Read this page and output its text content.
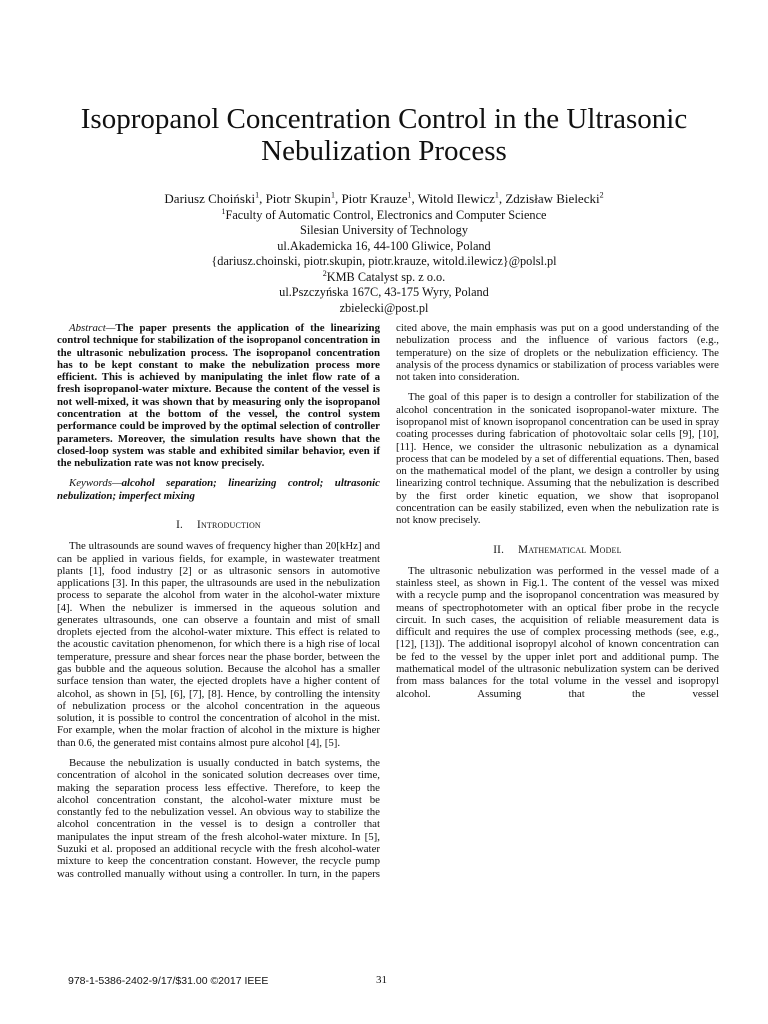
Isopropanol Concentration Control in the Ultrasonic
Nebulization Process
Dariusz Choiński$^1$, Piotr Skupin$^1$, Piotr Krauze$^1$, Witold Ilewicz$^1$, Zdzisław Bielecki$^2$
$^1$Faculty of Automatic Control, Electronics and Computer Science
Silesian University of Technology
ul.Akademicka 16, 44-100 Gliwice, Poland
{dariusz.choinski, piotr.skupin, piotr.krauze, witold.ilewicz}@polsl.pl
$^2$KMB Catalyst sp. z o.o.
ul.Pszczyńska 167C, 43-175 Wyry, Poland
zbielecki@post.pl

Abstract—The paper presents the application of the linearizing control technique for stabilization of the isopropanol concentration in the ultrasonic nebulization process. The isopropanol concentration has to be kept constant to make the nebulization process more efficient. This is achieved by manipulating the inlet flow rate of a fresh isopropanol-water mixture. Because the content of the vessel is not well-mixed, it was shown that by measuring only the isopropanol concentration at the bottom of the vessel, the control system performance could be improved by the optimal selection of controller parameters. Moreover, the simulation results have shown that the closed-loop system was stable and exhibited similar behavior, even if the nebulization rate was not know precisely.

Keywords—alcohol separation; linearizing control; ultrasonic nebulization; imperfect mixing

I. Introduction

The ultrasounds are sound waves of frequency higher than 20[kHz] and can be applied in various fields, for example, in wastewater treatment plants [1], food industry [2] or as ultrasonic sensors in automotive applications [3]. In this paper, the ultrasounds are used in the nebulization process to separate the alcohol from water in the alcohol-water mixture [4]. When the nebulizer is immersed in the aqueous solution and generates ultrasounds, one can observe a fountain and mist of small droplets ejected from the alcohol-water mixture. This effect is related to the acoustic cavitation phenomenon, for which there is a high rise of local temperature, pressure and shear forces near the phase border, between the gas bubble and the aqueous solution. Because the alcohol has a smaller surface tension than water, the ejected droplets have a higher content of alcohol, as shown in [5], [6], [7], [8]. Hence, by controlling the intensity of nebulization process or the alcohol concentration in the aqueous solution, it is possible to control the concentration of alcohol in the mist. For example, when the molar fraction of alcohol in the mixture is higher than 0.6, the generated mist contains almost pure alcohol [4], [5].

Because the nebulization is usually conducted in batch systems, the concentration of alcohol in the sonicated solution decreases over time, making the separation process less effective. Therefore, to keep the alcohol concentration constant, the alcohol-water mixture must be constantly fed to the nebulization vessel. An obvious way to stabilize the alcohol concentration in the vessel is to design a controller that manipulates the input stream of the fresh alcohol-water mixture. In [5], Suzuki et al. proposed an additional recycle with the fresh alcohol-water mixture to keep the concentration constant. However, the recycle pump was controlled manually without using a controller. In turn, in the papers

cited above, the main emphasis was put on a good understanding of the nebulization process and the influence of various factors (e.g., temperature) on the size of droplets or the nebulization efficiency. The analysis of the process dynamics or stabilization of process variables were not taken into consideration.

The goal of this paper is to design a controller for stabilization of the alcohol concentration in the sonicated isopropanol-water mixture. The isopropanol mist of known isopropanol concentration can be used in spray coating processes during fabrication of photovoltaic solar cells [9], [10], [11]. Hence, we consider the ultrasonic nebulization as a dynamical process that can be modeled by a set of differential equations. Then, based on the mathematical model of the plant, we design a controller by using linearizing control technique. Assuming that the nebulization is described by the first order kinetic equation, we show that isopropanol concentration can be easily stabilized, even when the nebulization rate is not know precisely.

II. Mathematical Model

The ultrasonic nebulization was performed in the vessel made of a stainless steel, as shown in Fig.1. The content of the vessel was mixed with a recycle pump and the isopropanol concentration was measured by means of spectrophotometer with an optical fiber probe in the recycle circuit. In such cases, the acquisition of reliable measurement data is difficult and requires the use of complex processing methods (see, e.g., [12], [13]). The additional isopropyl alcohol of known concentration can be fed to the vessel by the upper inlet port and additional pump. The mathematical model of the ultrasonic nebulization system can be derived from mass balances for the total volume in the vessel and isopropyl alcohol. Assuming that the vessel

978-1-5386-2402-9/17/$31.00 ©2017 IEEE	31
